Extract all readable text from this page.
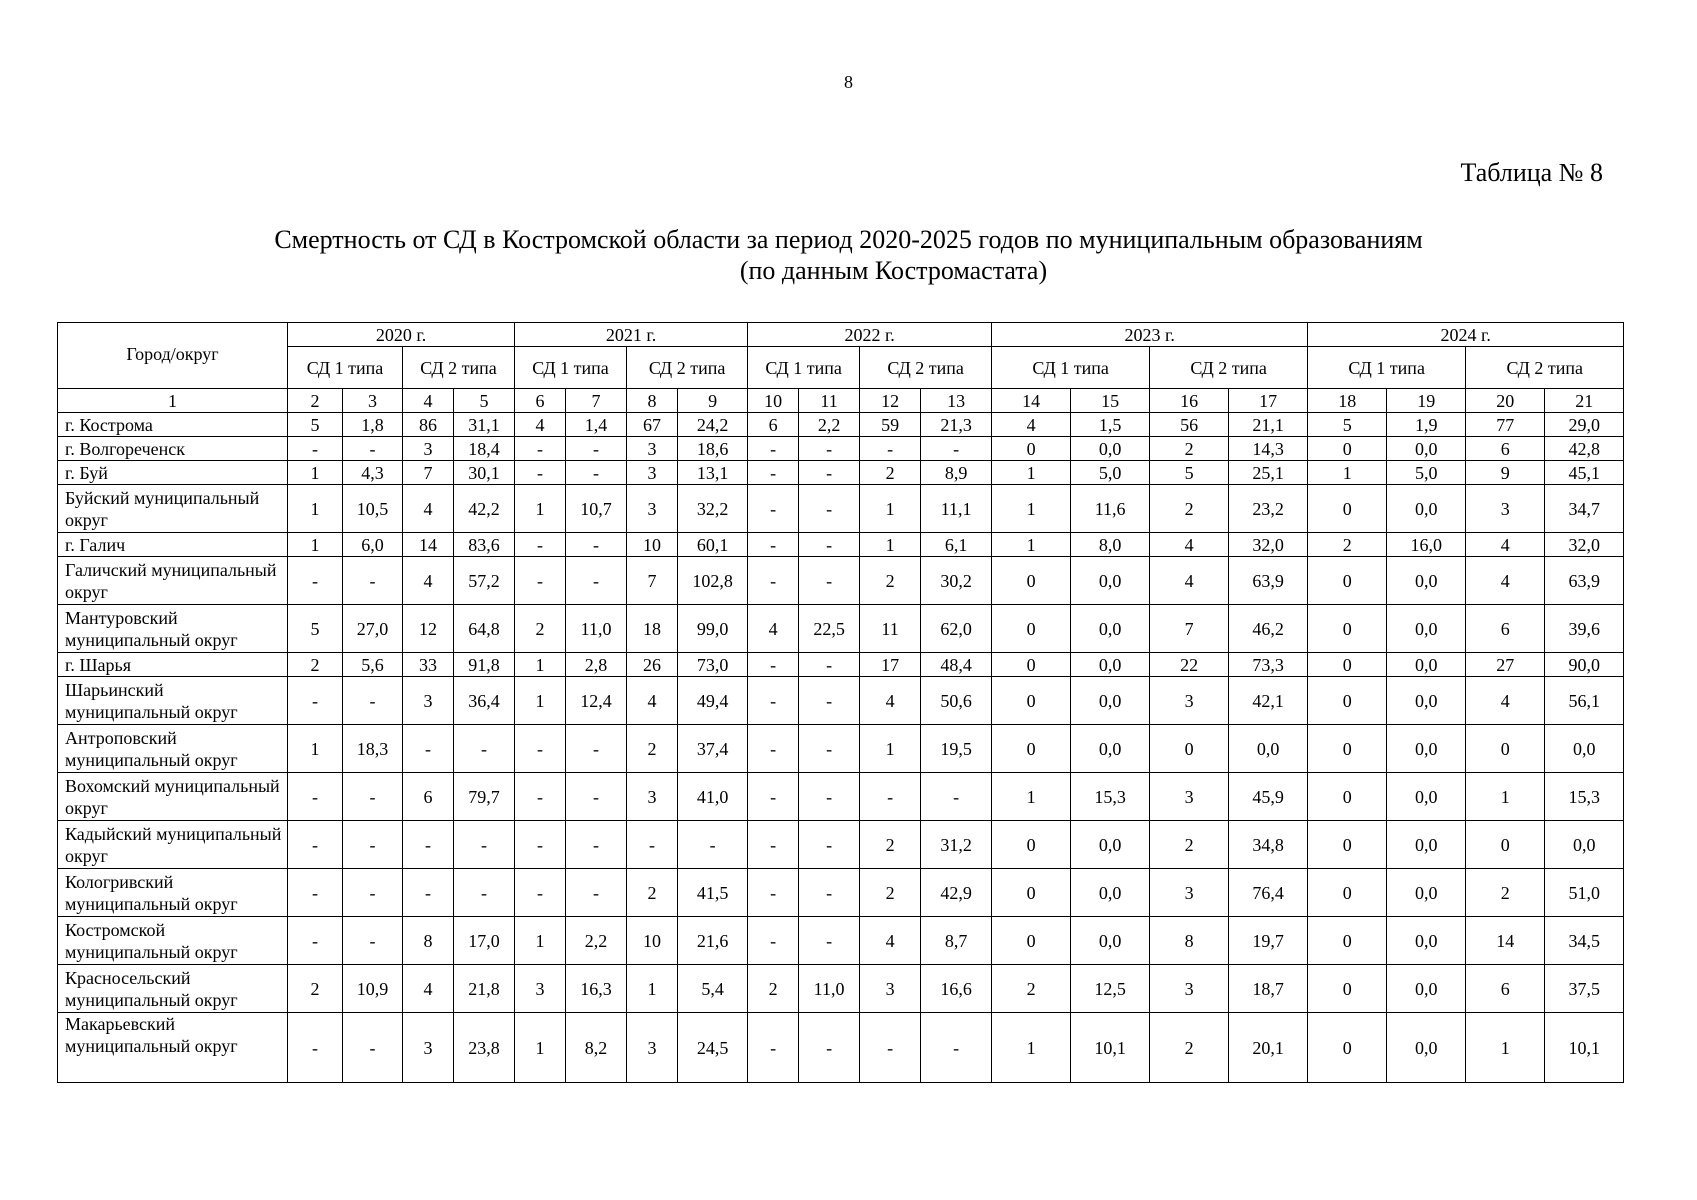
8
Таблица № 8
Смертность от СД в Костромской области за период 2020-2025 годов по муниципальным образованиям
(по данным Костромастата)
Город/округ	2020 г.				2021 г.				2022 г.				2023 г.				2024 г.			
	СД 1 типа		СД 2 типа		СД 1 типа		СД 2 типа		СД 1 типа		СД 2 типа		СД 1 типа		СД 2 типа		СД 1 типа		СД 2 типа	
1	2	3	4	5	6	7	8	9	10	11	12	13	14	15	16	17	18	19	20	21
г. Кострома	5	1,8	86	31,1	4	1,4	67	24,2	6	2,2	59	21,3	4	1,5	56	21,1	5	1,9	77	29,0
г. Волгореченск	-	-	3	18,4	-	-	3	18,6	-	-	-	-	0	0,0	2	14,3	0	0,0	6	42,8
г. Буй	1	4,3	7	30,1	-	-	3	13,1	-	-	2	8,9	1	5,0	5	25,1	1	5,0	9	45,1
Буйский муниципальный округ	1	10,5	4	42,2	1	10,7	3	32,2	-	-	1	11,1	1	11,6	2	23,2	0	0,0	3	34,7
г. Галич	1	6,0	14	83,6	-	-	10	60,1	-	-	1	6,1	1	8,0	4	32,0	2	16,0	4	32,0
Галичский муниципальный округ	-	-	4	57,2	-	-	7	102,8	-	-	2	30,2	0	0,0	4	63,9	0	0,0	4	63,9
Мантуровский муниципальный округ	5	27,0	12	64,8	2	11,0	18	99,0	4	22,5	11	62,0	0	0,0	7	46,2	0	0,0	6	39,6
г. Шарья	2	5,6	33	91,8	1	2,8	26	73,0	-	-	17	48,4	0	0,0	22	73,3	0	0,0	27	90,0
Шарьинский муниципальный округ	-	-	3	36,4	1	12,4	4	49,4	-	-	4	50,6	0	0,0	3	42,1	0	0,0	4	56,1
Антроповский муниципальный округ	1	18,3	-	-	-	-	2	37,4	-	-	1	19,5	0	0,0	0	0,0	0	0,0	0	0,0
Вохомский муниципальный округ	-	-	6	79,7	-	-	3	41,0	-	-	-	-	1	15,3	3	45,9	0	0,0	1	15,3
Кадыйский муниципальный округ	-	-	-	-	-	-	-	-	-	-	2	31,2	0	0,0	2	34,8	0	0,0	0	0,0
Кологривский муниципальный округ	-	-	-	-	-	-	2	41,5	-	-	2	42,9	0	0,0	3	76,4	0	0,0	2	51,0
Костромской муниципальный округ	-	-	8	17,0	1	2,2	10	21,6	-	-	4	8,7	0	0,0	8	19,7	0	0,0	14	34,5
Красносельский муниципальный округ	2	10,9	4	21,8	3	16,3	1	5,4	2	11,0	3	16,6	2	12,5	3	18,7	0	0,0	6	37,5
Макарьевский муниципальный округ	-	-	3	23,8	1	8,2	3	24,5	-	-	-	-	1	10,1	2	20,1	0	0,0	1	10,1
